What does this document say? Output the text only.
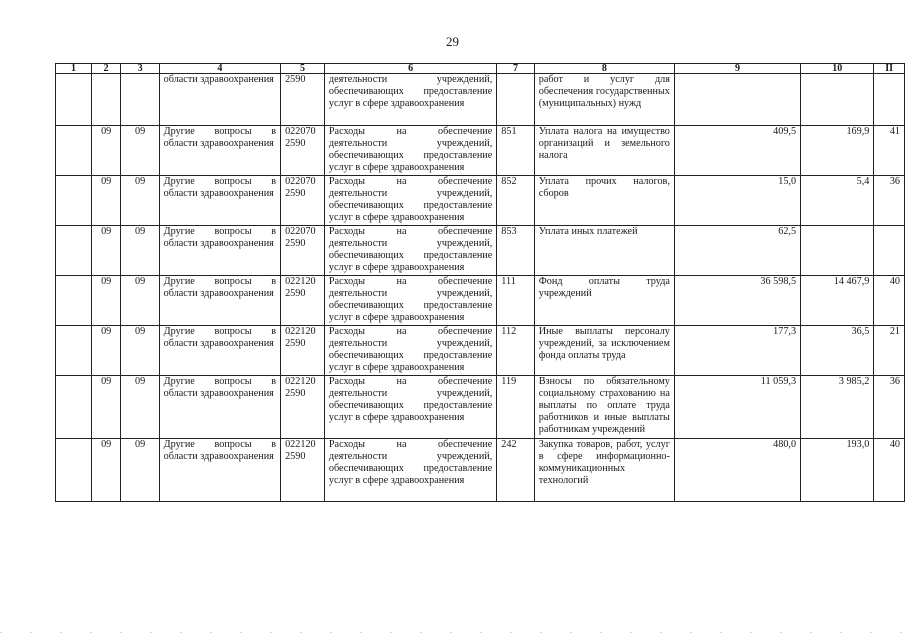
29
1	2	3	4	5	6	7	8	9	10	II
			области здравоохранения	2590	деятельности учреждений, обеспечивающих предоставление услуг в сфере здравоохранения		работ и услуг для обеспечения государственных (муниципальных) нужд			
	09	09	Другие вопросы в области здравоохранения	022070 2590	Расходы на обеспечение деятельности учреждений, обеспечивающих предоставление услуг в сфере здравоохранения	851	Уплата налога на имущество организаций и земельного налога	409,5	169,9	41
	09	09	Другие вопросы в области здравоохранения	022070 2590	Расходы на обеспечение деятельности учреждений, обеспечивающих предоставление услуг в сфере здравоохранения	852	Уплата прочих налогов, сборов	15,0	5,4	36
	09	09	Другие вопросы в области здравоохранения	022070 2590	Расходы на обеспечение деятельности учреждений, обеспечивающих предоставление услуг в сфере здравоохранения	853	Уплата иных платежей	62,5		
	09	09	Другие вопросы в области здравоохранения	022120 2590	Расходы на обеспечение деятельности учреждений, обеспечивающих предоставление услуг в сфере здравоохранения	111	Фонд оплаты труда учреждений	36 598,5	14 467,9	40
	09	09	Другие вопросы в области здравоохранения	022120 2590	Расходы на обеспечение деятельности учреждений, обеспечивающих предоставление услуг в сфере здравоохранения	112	Иные выплаты персоналу учреждений, за исключением фонда оплаты труда	177,3	36,5	21
	09	09	Другие вопросы в области здравоохранения	022120 2590	Расходы на обеспечение деятельности учреждений, обеспечивающих предоставление услуг в сфере здравоохранения	119	Взносы по обязательному социальному страхованию на выплаты по оплате труда работников и иные выплаты работникам учреждений	11 059,3	3 985,2	36
	09	09	Другие вопросы в области здравоохранения	022120 2590	Расходы на обеспечение деятельности учреждений, обеспечивающих предоставление услуг в сфере здравоохранения	242	Закупка товаров, работ, услуг в сфере информационно-коммуникационных технологий	480,0	193,0	40
